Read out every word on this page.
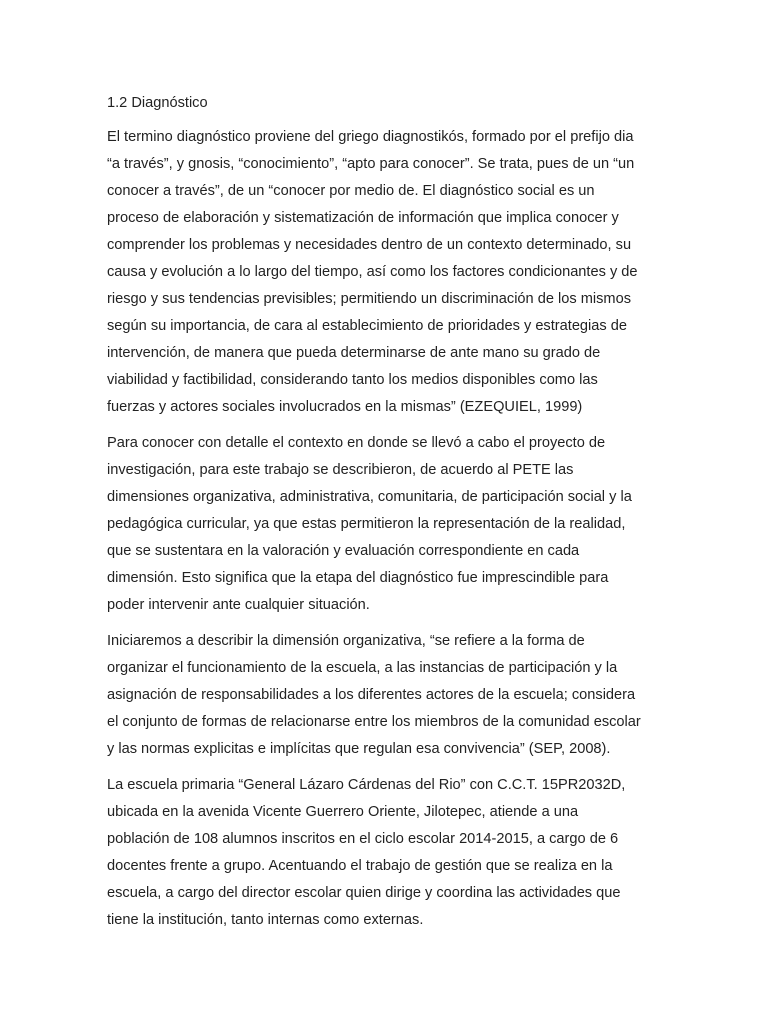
1.2 Diagnóstico
El termino diagnóstico proviene del griego diagnostikós, formado por el prefijo dia
“a través”, y gnosis, “conocimiento”, “apto para conocer”. Se trata, pues de un “un
conocer a través”, de un “conocer por medio de. El diagnóstico social es un
proceso de elaboración y sistematización de información que implica conocer y
comprender los problemas y necesidades dentro de un contexto determinado, su
causa y evolución a lo largo del tiempo, así como los factores condicionantes y de
riesgo y sus tendencias previsibles; permitiendo un discriminación de los mismos
según su importancia, de cara al establecimiento de prioridades y estrategias de
intervención, de manera que pueda determinarse de ante mano su grado de
viabilidad y factibilidad, considerando tanto los medios disponibles como las
fuerzas y actores sociales involucrados en la mismas” (EZEQUIEL, 1999)
Para conocer con detalle el contexto en donde se llevó a cabo el proyecto de
investigación, para este trabajo se describieron, de acuerdo al PETE las
dimensiones organizativa, administrativa, comunitaria, de participación social y la
pedagógica curricular, ya que estas permitieron la representación de la realidad,
que se sustentara en la valoración y evaluación correspondiente en cada
dimensión. Esto significa que la etapa del diagnóstico fue imprescindible para
poder intervenir ante cualquier situación.
Iniciaremos a describir la dimensión organizativa, “se refiere a la forma de
organizar el funcionamiento de la escuela, a las instancias de participación y la
asignación de responsabilidades a los diferentes actores de la escuela; considera
el conjunto de formas de relacionarse entre los miembros de la comunidad escolar
y las normas explicitas e implícitas que regulan esa convivencia” (SEP, 2008).
La escuela primaria “General Lázaro Cárdenas del Rio” con C.C.T. 15PR2032D,
ubicada en la avenida Vicente Guerrero Oriente, Jilotepec, atiende a una
población de 108 alumnos inscritos en el ciclo escolar 2014-2015, a cargo de 6
docentes frente a grupo. Acentuando el trabajo de gestión que se realiza en la
escuela, a cargo del director escolar quien dirige y coordina las actividades que
tiene la institución, tanto internas como externas.
